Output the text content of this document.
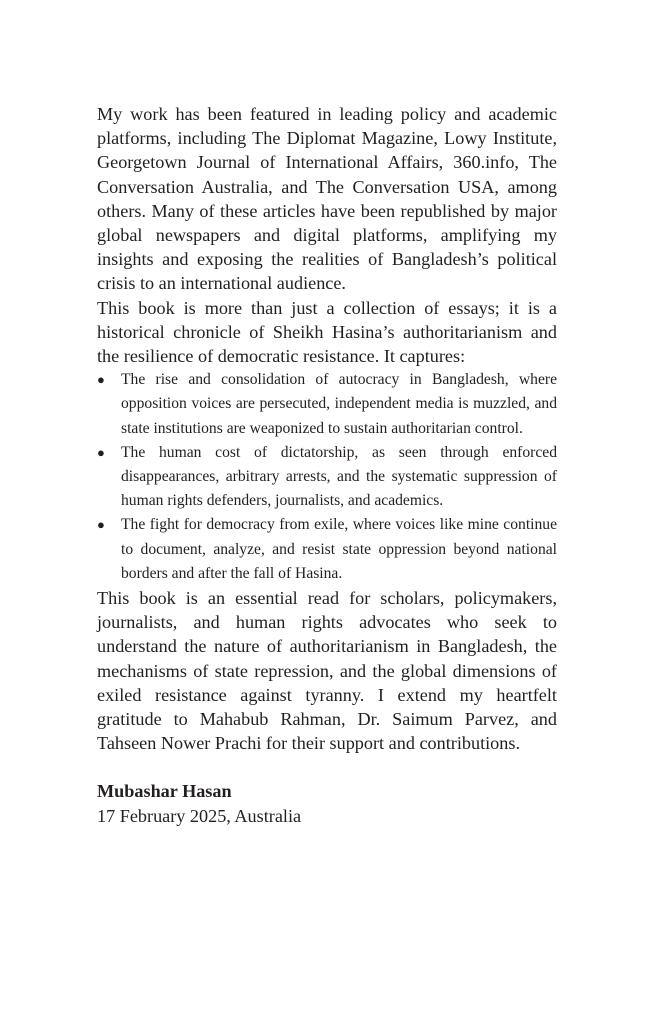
My work has been featured in leading policy and academic platforms, including The Diplomat Magazine, Lowy Institute, Georgetown Journal of International Affairs, 360.info, The Conversation Australia, and The Conversation USA, among others. Many of these articles have been republished by major global newspapers and digital platforms, amplifying my insights and exposing the realities of Bangladesh’s political crisis to an international audience.

This book is more than just a collection of essays; it is a historical chronicle of Sheikh Hasina’s authoritarianism and the resilience of democratic resistance. It captures:

● The rise and consolidation of autocracy in Bangladesh, where opposition voices are persecuted, independent media is muzzled, and state institutions are weaponized to sustain authoritarian control.
● The human cost of dictatorship, as seen through enforced disappearances, arbitrary arrests, and the systematic suppression of human rights defenders, journalists, and academics.
● The fight for democracy from exile, where voices like mine continue to document, analyze, and resist state oppression beyond national borders and after the fall of Hasina.

This book is an essential read for scholars, policymakers, journalists, and human rights advocates who seek to understand the nature of authoritarianism in Bangladesh, the mechanisms of state repression, and the global dimensions of exiled resistance against tyranny. I extend my heartfelt gratitude to Mahabub Rahman, Dr. Saimum Parvez, and Tahseen Nower Prachi for their support and contributions.

Mubashar Hasan
17 February 2025, Australia
